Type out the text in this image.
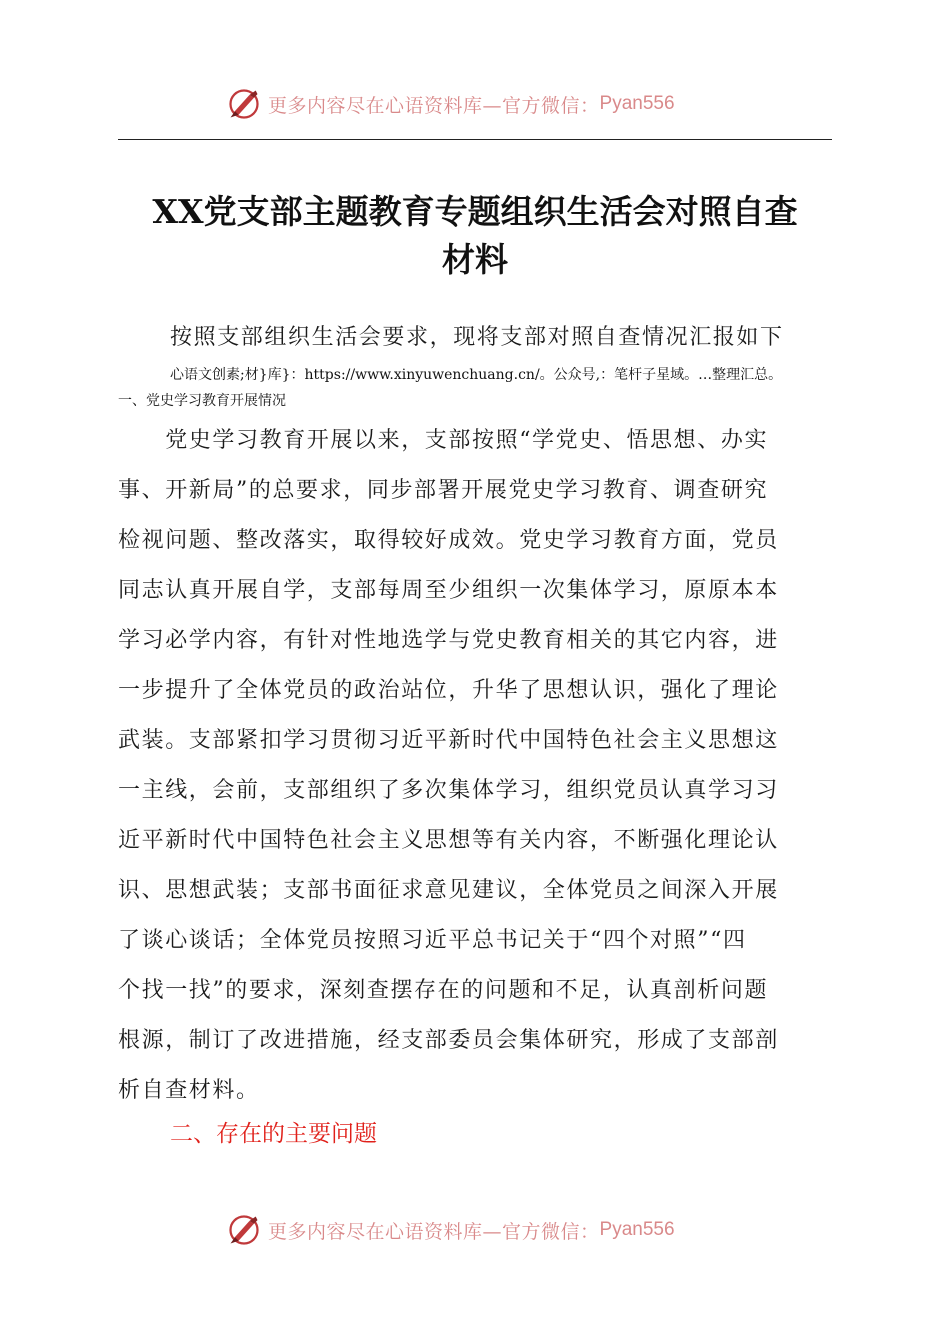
更多内容尽在心语资料库—官方微信： Pyan556
XX党支部主题教育专题组织生活会对照自查
材料
按照支部组织生活会要求，现将支部对照自查情况汇报如下
心语文创素;材}库}：https://www.xinyuwenchuang.cn/。公众号,：笔杆子星域。…整理汇总。
一、党史学习教育开展情况
　　党史学习教育开展以来，支部按照“学党史、悟思想、办实
事、开新局”的总要求，同步部署开展党史学习教育、调查研究
检视问题、整改落实，取得较好成效。党史学习教育方面，党员
同志认真开展自学，支部每周至少组织一次集体学习，原原本本
学习必学内容，有针对性地选学与党史教育相关的其它内容，进
一步提升了全体党员的政治站位，升华了思想认识，强化了理论
武装。支部紧扣学习贯彻习近平新时代中国特色社会主义思想这
一主线，会前，支部组织了多次集体学习，组织党员认真学习习
近平新时代中国特色社会主义思想等有关内容，不断强化理论认
识、思想武装；支部书面征求意见建议，全体党员之间深入开展
了谈心谈话；全体党员按照习近平总书记关于“四个对照”“四
个找一找”的要求，深刻查摆存在的问题和不足，认真剖析问题
根源，制订了改进措施，经支部委员会集体研究，形成了支部剖
析自查材料。
二、存在的主要问题
更多内容尽在心语资料库—官方微信： Pyan556
